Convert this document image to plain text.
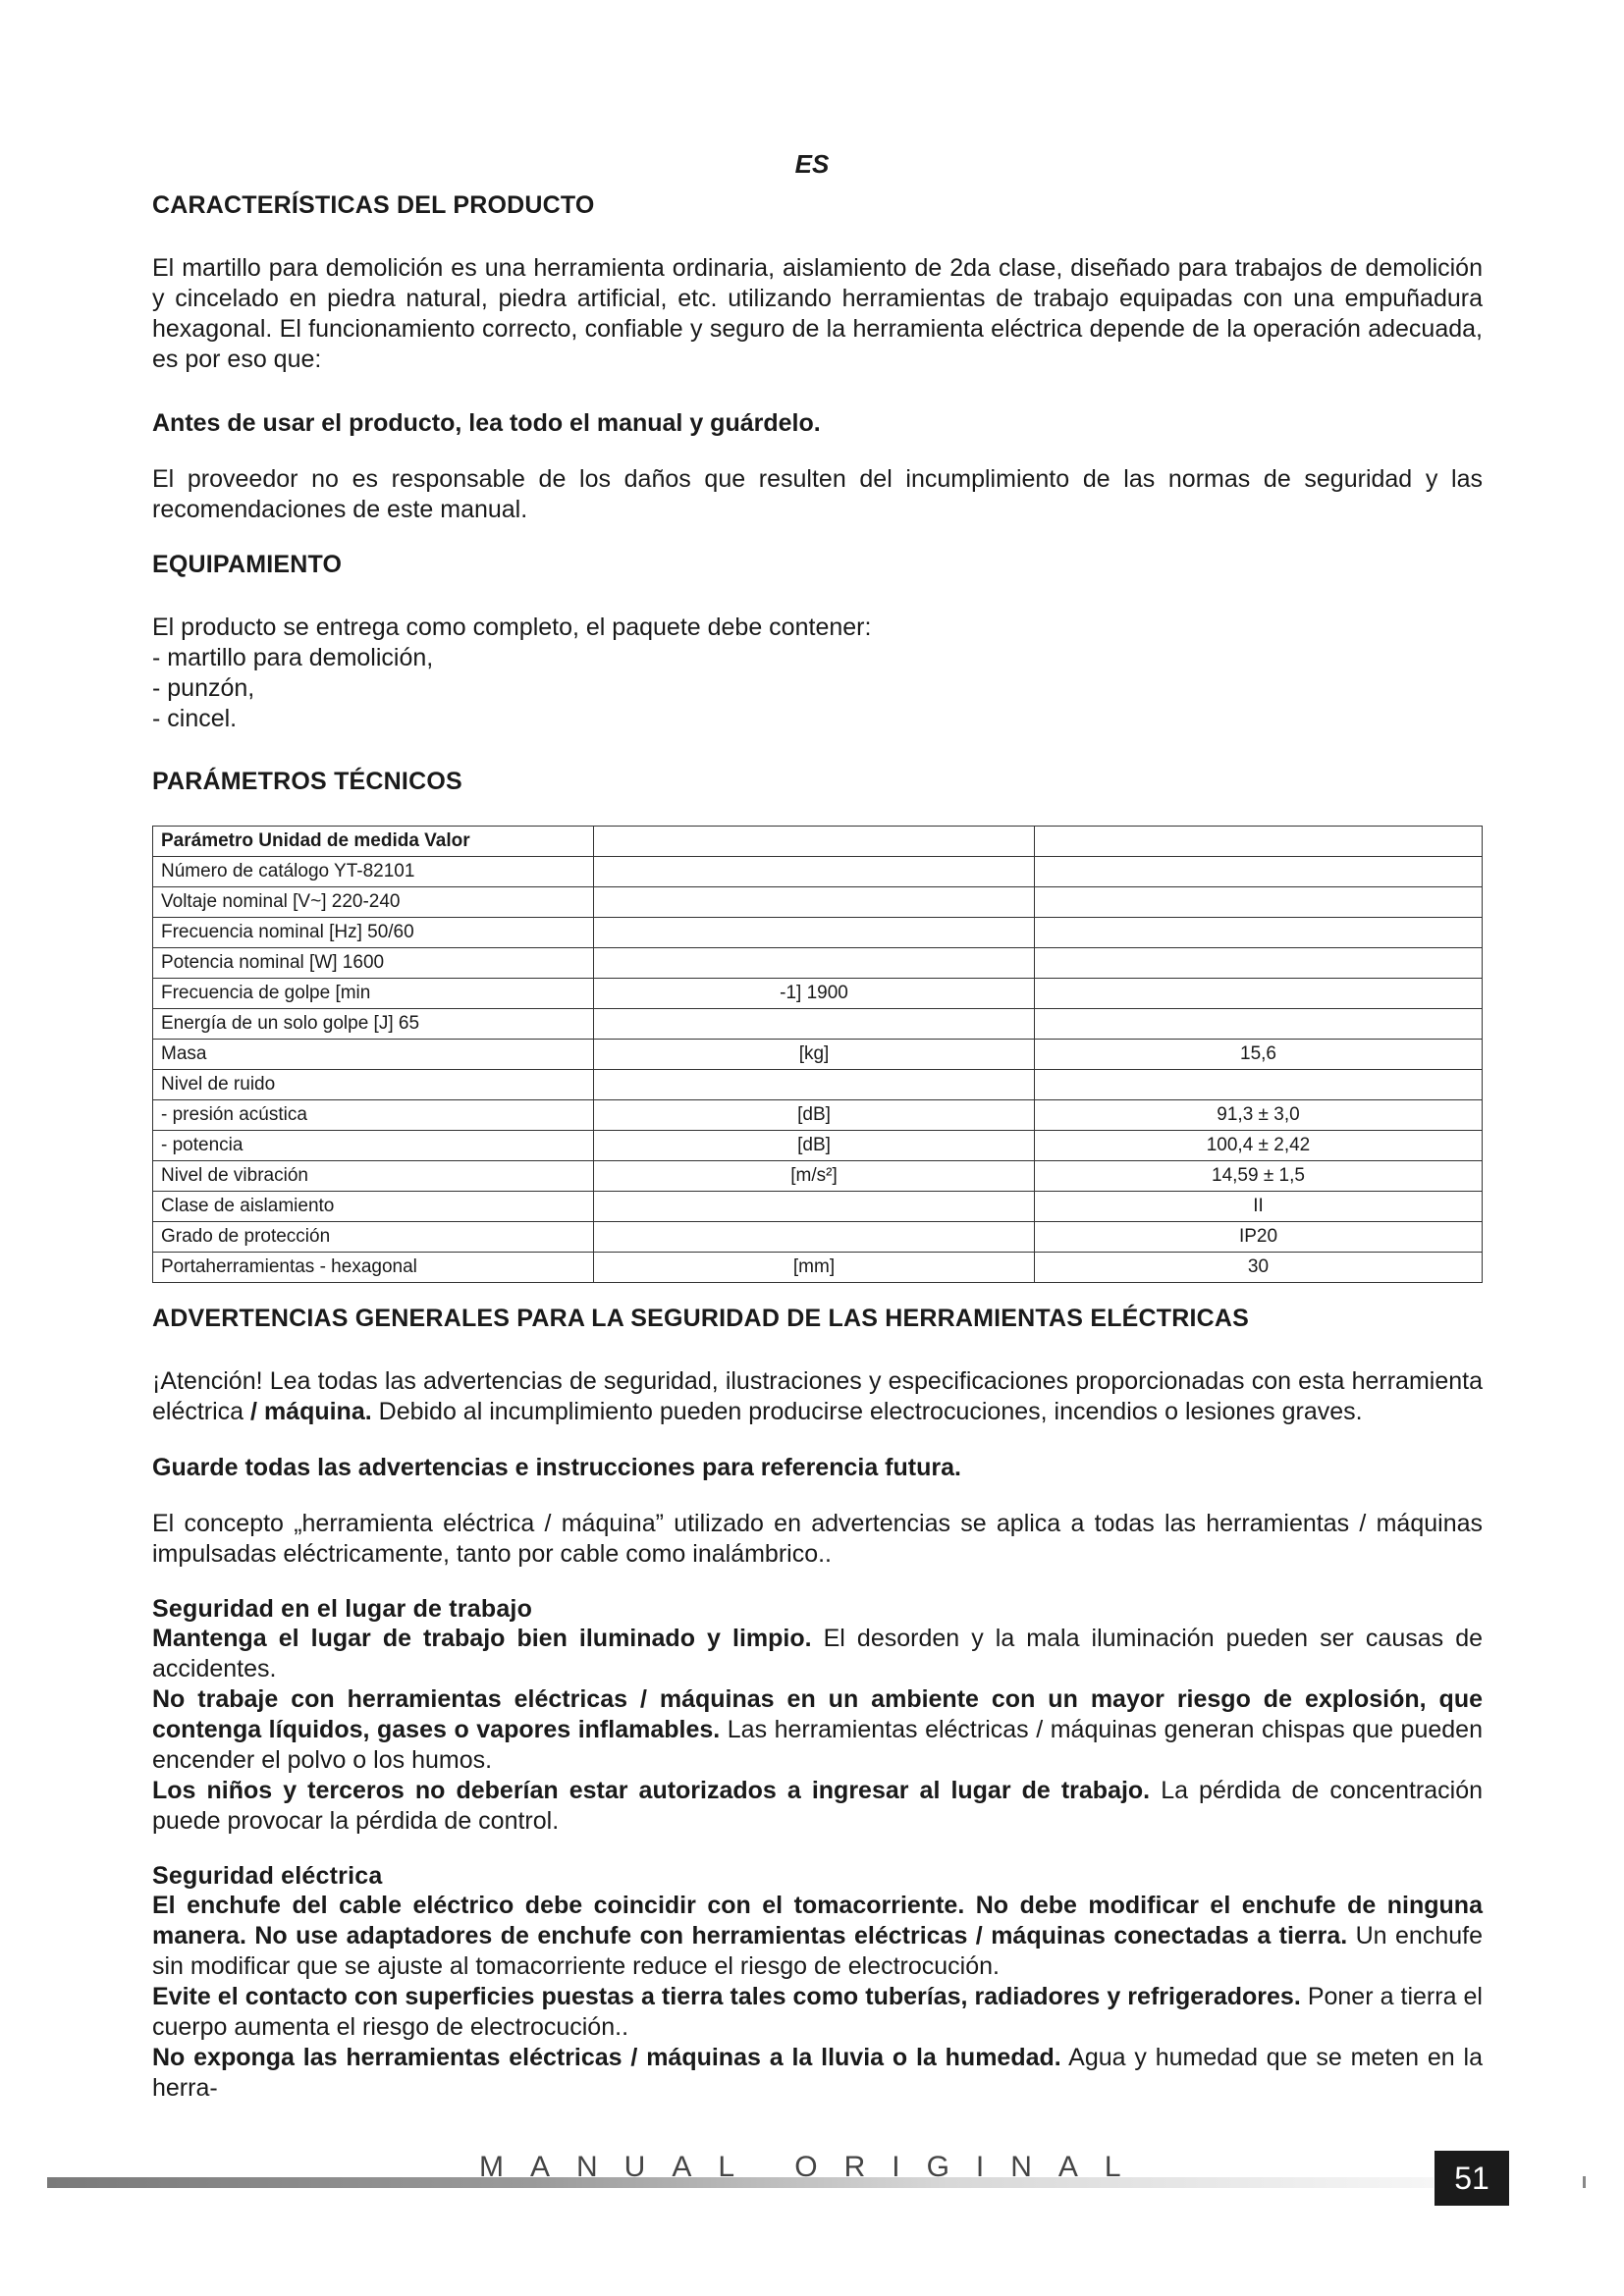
ES
CARACTERÍSTICAS DEL PRODUCTO

El martillo para demolición es una herramienta ordinaria, aislamiento de 2da clase, diseñado para trabajos de demolición y cincelado en piedra natural, piedra artificial, etc. utilizando herramientas de trabajo equipadas con una empuñadura hexagonal. El funcionamiento correcto, confiable y seguro de la herramienta eléctrica depende de la operación adecuada, es por eso que:

Antes de usar el producto, lea todo el manual y guárdelo.

El proveedor no es responsable de los daños que resulten del incumplimiento de las normas de seguridad y las recomendaciones de este manual.

EQUIPAMIENTO

El producto se entrega como completo, el paquete debe contener:

- martillo para demolición,
- punzón,
- cincel.
PARÁMETROS TÉCNICOS
Parámetro Unidad de medida Valor		
Número de catálogo YT-82101		
Voltaje nominal [V~] 220-240		
Frecuencia nominal [Hz] 50/60		
Potencia nominal [W] 1600		
Frecuencia de golpe [min	-1] 1900	
Energía de un solo golpe [J] 65		
Masa	[kg]	15,6
Nivel de ruido		
- presión acústica	[dB]	91,3 ± 3,0
- potencia	[dB]	100,4 ± 2,42
Nivel de vibración	[m/s²]	14,59 ± 1,5
Clase de aislamiento		II
Grado de protección		IP20
Portaherramientas - hexagonal	[mm]	30
ADVERTENCIAS GENERALES PARA LA SEGURIDAD DE LAS HERRAMIENTAS ELÉCTRICAS

¡Atención! Lea todas las advertencias de seguridad, ilustraciones y especificaciones proporcionadas con esta herramienta eléctrica / máquina. Debido al incumplimiento pueden producirse electrocuciones, incendios o lesiones graves.

Guarde todas las advertencias e instrucciones para referencia futura.

El concepto „herramienta eléctrica / máquina” utilizado en advertencias se aplica a todas las herramientas / máquinas impulsadas eléctricamente, tanto por cable como inalámbrico..

Seguridad en el lugar de trabajo

Mantenga el lugar de trabajo bien iluminado y limpio. El desorden y la mala iluminación pueden ser causas de accidentes.

No trabaje con herramientas eléctricas / máquinas en un ambiente con un mayor riesgo de explosión, que contenga líquidos, gases o vapores inflamables. Las herramientas eléctricas / máquinas generan chispas que pueden encender el polvo o los humos.

Los niños y terceros no deberían estar autorizados a ingresar al lugar de trabajo. La pérdida de concentración puede provocar la pérdida de control.

Seguridad eléctrica

El enchufe del cable eléctrico debe coincidir con el tomacorriente. No debe modificar el enchufe de ninguna manera. No use adaptadores de enchufe con herramientas eléctricas / máquinas conectadas a tierra. Un enchufe sin modificar que se ajuste al tomacorriente reduce el riesgo de electrocución.

Evite el contacto con superficies puestas a tierra tales como tuberías, radiadores y refrigeradores. Poner a tierra el cuerpo aumenta el riesgo de electrocución..

No exponga las herramientas eléctricas / máquinas a la lluvia o la humedad. Agua y humedad que se meten en la herra-

MANUAL ORIGINAL	51
